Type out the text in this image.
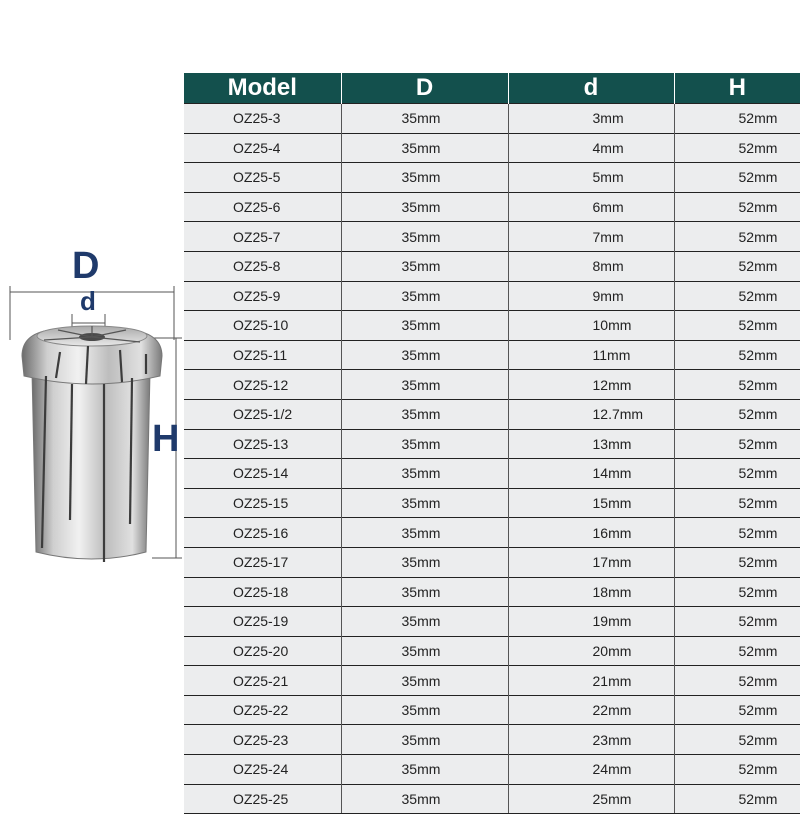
D
d
H
Model	D	d	H
OZ25-3	35mm	3mm	52mm
OZ25-4	35mm	4mm	52mm
OZ25-5	35mm	5mm	52mm
OZ25-6	35mm	6mm	52mm
OZ25-7	35mm	7mm	52mm
OZ25-8	35mm	8mm	52mm
OZ25-9	35mm	9mm	52mm
OZ25-10	35mm	10mm	52mm
OZ25-11	35mm	11mm	52mm
OZ25-12	35mm	12mm	52mm
OZ25-1/2	35mm	12.7mm	52mm
OZ25-13	35mm	13mm	52mm
OZ25-14	35mm	14mm	52mm
OZ25-15	35mm	15mm	52mm
OZ25-16	35mm	16mm	52mm
OZ25-17	35mm	17mm	52mm
OZ25-18	35mm	18mm	52mm
OZ25-19	35mm	19mm	52mm
OZ25-20	35mm	20mm	52mm
OZ25-21	35mm	21mm	52mm
OZ25-22	35mm	22mm	52mm
OZ25-23	35mm	23mm	52mm
OZ25-24	35mm	24mm	52mm
OZ25-25	35mm	25mm	52mm
